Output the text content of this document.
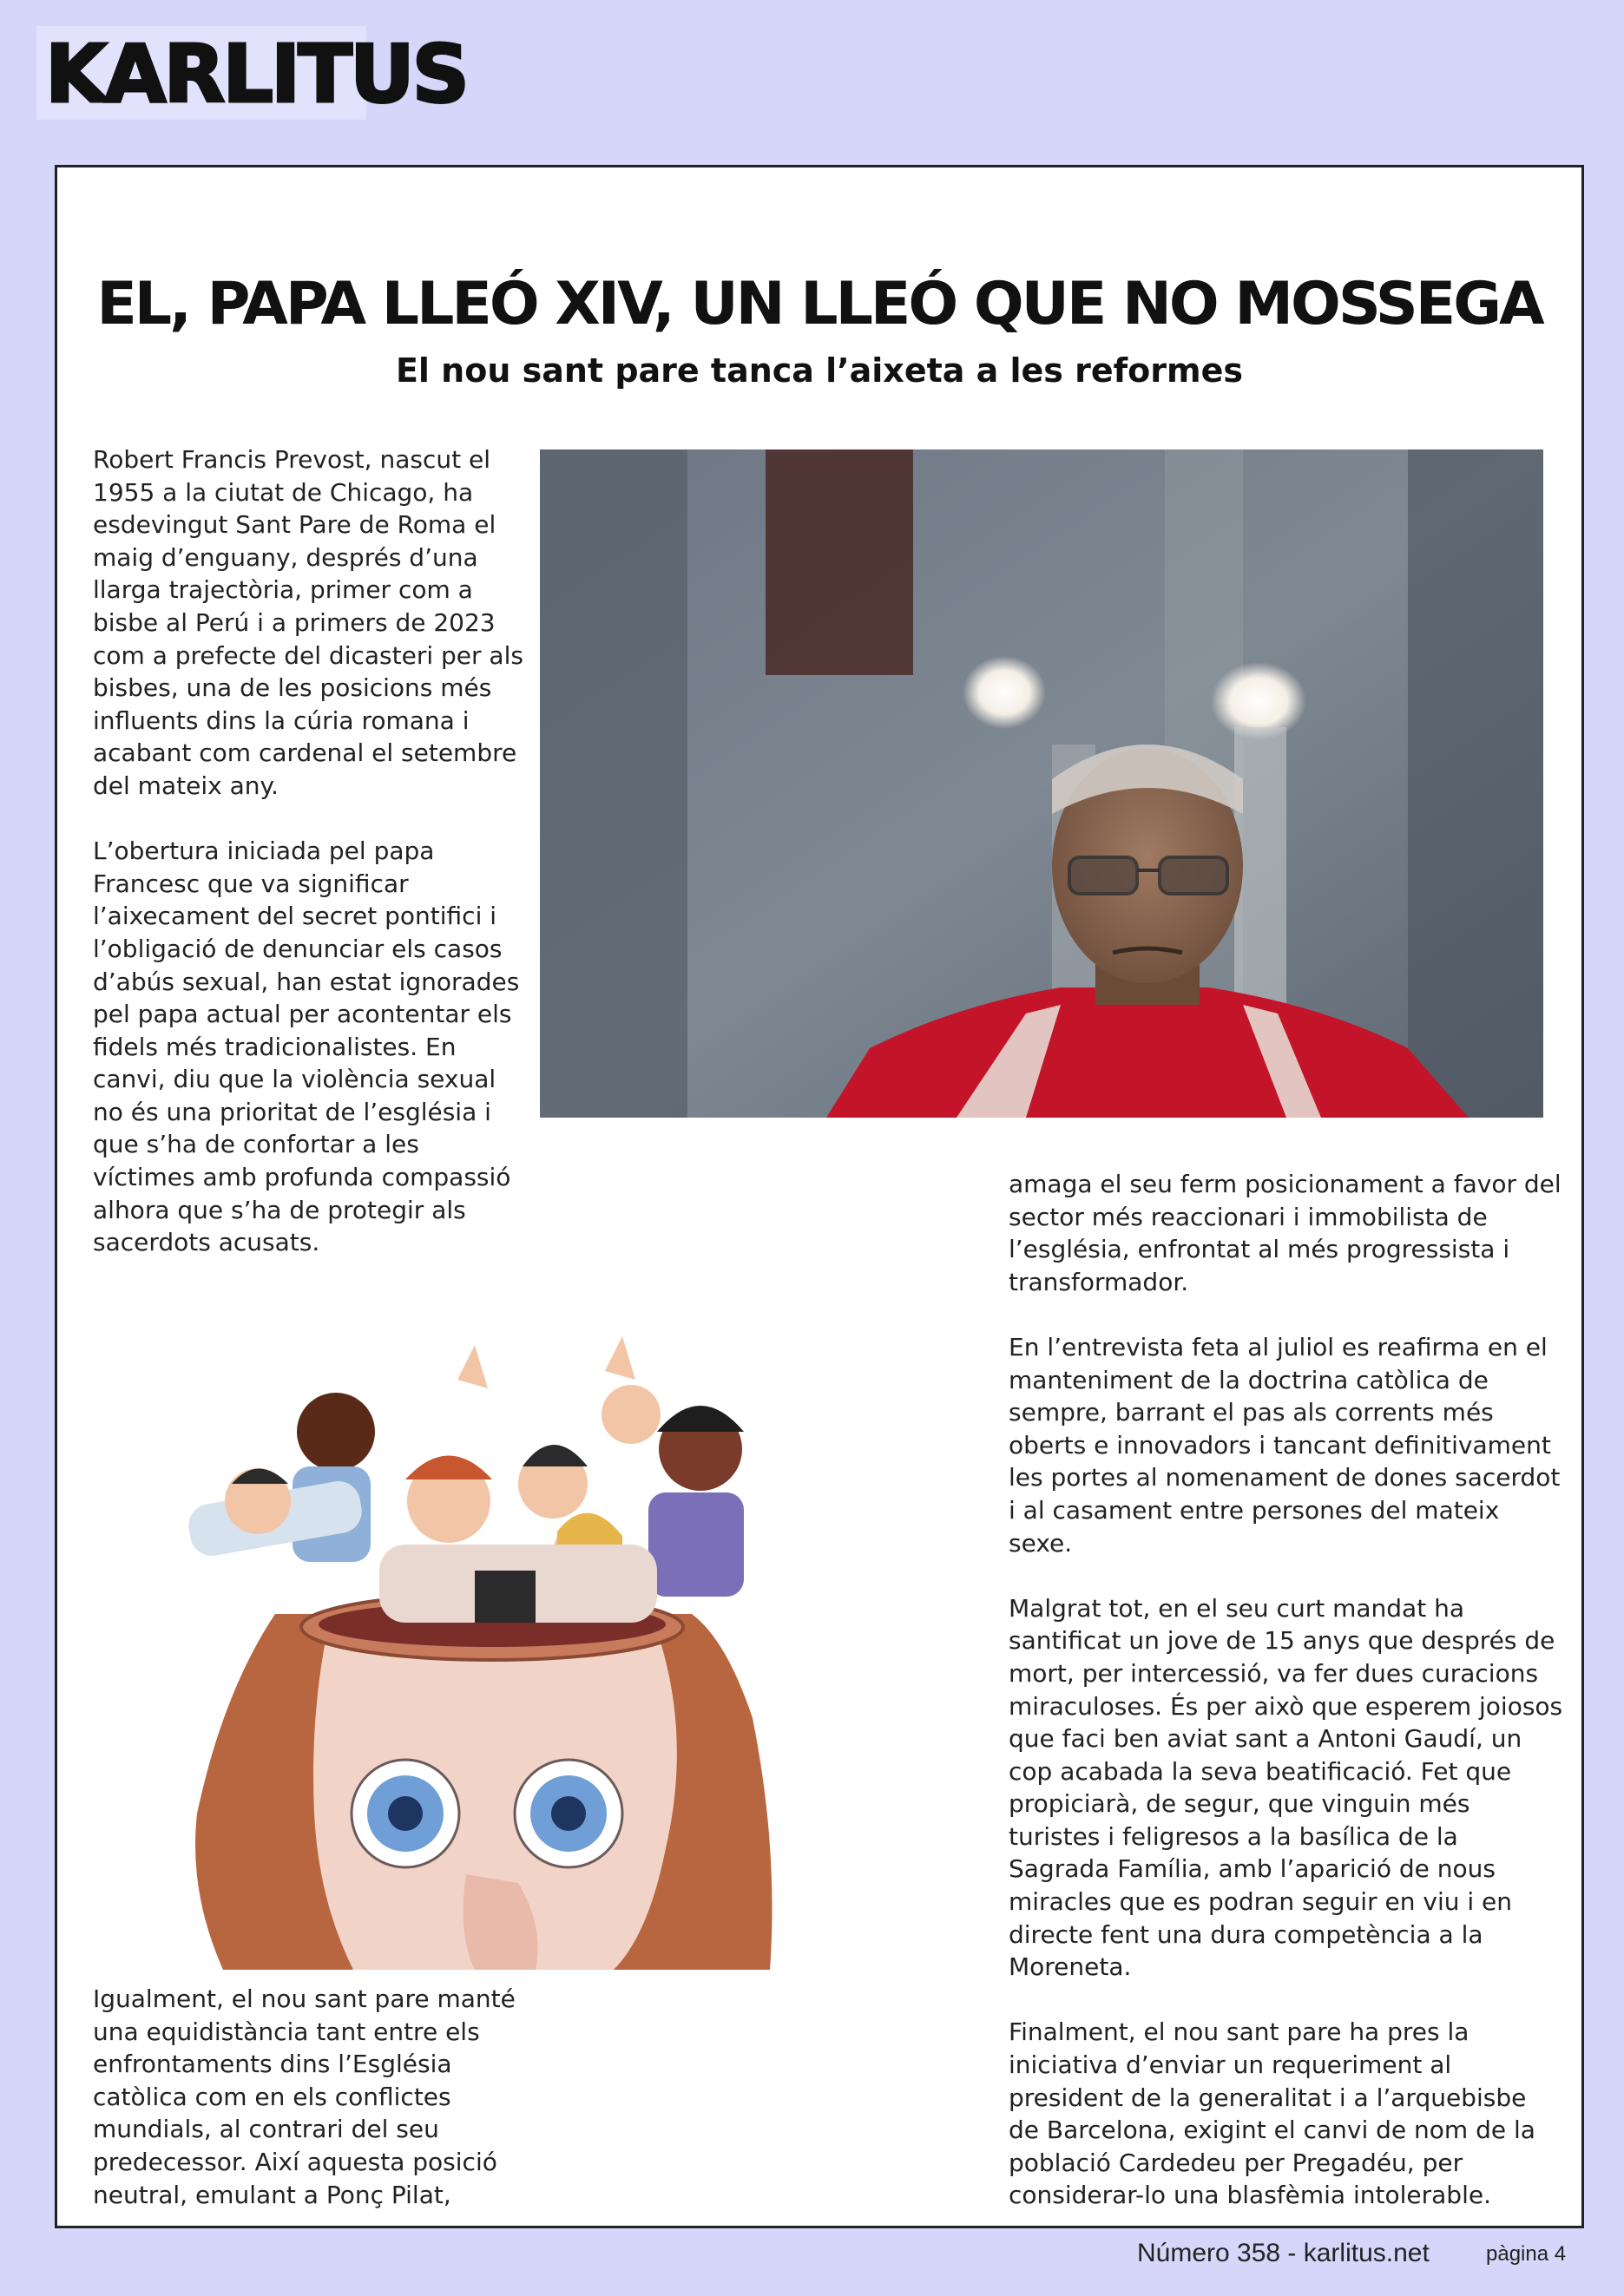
KARLITUS
EL, PAPA LLEÓ XIV, UN LLEÓ QUE NO MOSSEGA
El nou sant pare tanca l’aixeta a les reformes

Robert Francis Prevost, nascut el 1955 a la ciutat de Chicago, ha esdevingut Sant Pare de Roma el maig d’enguany, després d’una llarga trajectòria, primer com a bisbe al Perú i a primers de 2023 com a prefecte del dicasteri per als bisbes, una de les posicions més influents dins la cúria romana i acabant com cardenal el setembre del mateix any.

L’obertura iniciada pel papa Francesc que va significar l’aixecament del secret pontifici i l’obligació de denunciar els casos d’abús sexual, han estat ignorades pel papa actual per acontentar els fidels més tradicionalistes. En canvi, diu que la violència sexual no és una prioritat de l’església i que s’ha de confortar a les víctimes amb profunda compassió alhora que s’ha de protegir als sacerdots acusats.

Igualment, el nou sant pare manté una equidistància tant entre els enfrontaments dins l’Església catòlica com en els conflictes mundials, al contrari del seu predecessor. Així aquesta posició neutral, emulant a Ponç Pilat,

amaga el seu ferm posicionament a favor del sector més reaccionari i immobilista de l’església, enfrontat al més progressista i transformador.

En l’entrevista feta al juliol es reafirma en el manteniment de la doctrina catòlica de sempre, barrant el pas als corrents més oberts e innovadors i tancant definitivament les portes al nomenament de dones sacerdot i al casament entre persones del mateix sexe.

Malgrat tot, en el seu curt mandat ha santificat un jove de 15 anys que després de mort, per intercessió, va fer dues curacions miraculoses. És per això que esperem joiosos que faci ben aviat sant a Antoni Gaudí, un cop acabada la seva beatificació. Fet que propiciarà, de segur, que vinguin més turistes i feligresos a la basílica de la Sagrada Família, amb l’aparició de nous miracles que es podran seguir en viu i en directe fent una dura competència a la Moreneta.

Finalment, el nou sant pare ha pres la iniciativa d’enviar un requeriment al president de la generalitat i a l’arquebisbe de Barcelona, exigint el canvi de nom de la població Cardedeu per Pregadéu, per considerar-lo una blasfèmia intolerable.

Número 358 - karlitus.net	pàgina 4
